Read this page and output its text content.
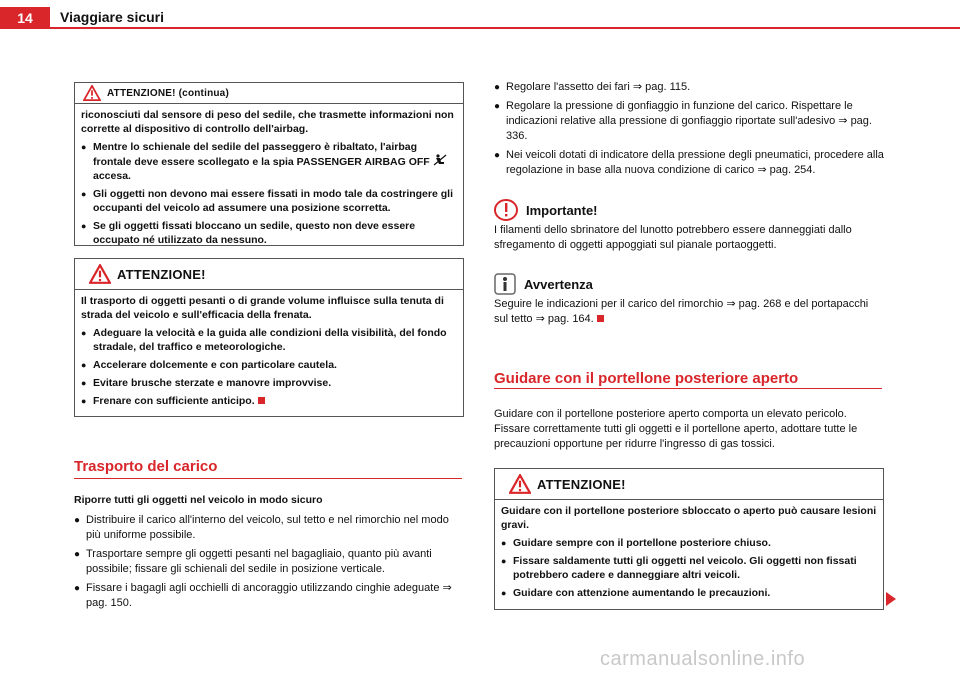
14	Viaggiare sicuri
ATTENZIONE! (continua)

riconosciuti dal sensore di peso del sedile, che trasmette informazioni non corrette al dispositivo di controllo dell'airbag.

● Mentre lo schienale del sedile del passeggero è ribaltato, l'airbag frontale deve essere scollegato e la spia PASSENGER AIRBAG OFF  accesa.
● Gli oggetti non devono mai essere fissati in modo tale da costringere gli occupanti del veicolo ad assumere una posizione scorretta.
● Se gli oggetti fissati bloccano un sedile, questo non deve essere occupato né utilizzato da nessuno.
ATTENZIONE!

Il trasporto di oggetti pesanti o di grande volume influisce sulla tenuta di strada del veicolo e sull'efficacia della frenata.

● Adeguare la velocità e la guida alle condizioni della visibilità, del fondo stradale, del traffico e meteorologiche.
● Accelerare dolcemente e con particolare cautela.
● Evitare brusche sterzate e manovre improvvise.
● Frenare con sufficiente anticipo.
Trasporto del carico

Riporre tutti gli oggetti nel veicolo in modo sicuro

● Distribuire il carico all'interno del veicolo, sul tetto e nel rimorchio nel modo più uniforme possibile.
● Trasportare sempre gli oggetti pesanti nel bagagliaio, quanto più avanti possibile; fissare gli schienali del sedile in posizione verticale.
● Fissare i bagagli agli occhielli di ancoraggio utilizzando cinghie adeguate ⇒ pag. 150.
● Regolare l'assetto dei fari ⇒ pag. 115.
● Regolare la pressione di gonfiaggio in funzione del carico. Rispettare le indicazioni relative alla pressione di gonfiaggio riportate sull'adesivo ⇒ pag. 336.
● Nei veicoli dotati di indicatore della pressione degli pneumatici, procedere alla regolazione in base alla nuova condizione di carico ⇒ pag. 254.
Importante!
I filamenti dello sbrinatore del lunotto potrebbero essere danneggiati dallo sfregamento di oggetti appoggiati sul pianale portaoggetti.
Avvertenza
Seguire le indicazioni per il carico del rimorchio ⇒ pag. 268 e del portapacchi sul tetto ⇒ pag. 164.
Guidare con il portellone posteriore aperto
Guidare con il portellone posteriore aperto comporta un elevato pericolo. Fissare correttamente tutti gli oggetti e il portellone aperto, adottare tutte le precauzioni opportune per ridurre l'ingresso di gas tossici.
ATTENZIONE!

Guidare con il portellone posteriore sbloccato o aperto può causare lesioni gravi.

● Guidare sempre con il portellone posteriore chiuso.
● Fissare saldamente tutti gli oggetti nel veicolo. Gli oggetti non fissati potrebbero cadere e danneggiare altri veicoli.
● Guidare con attenzione aumentando le precauzioni.
carmanualsonline.info
